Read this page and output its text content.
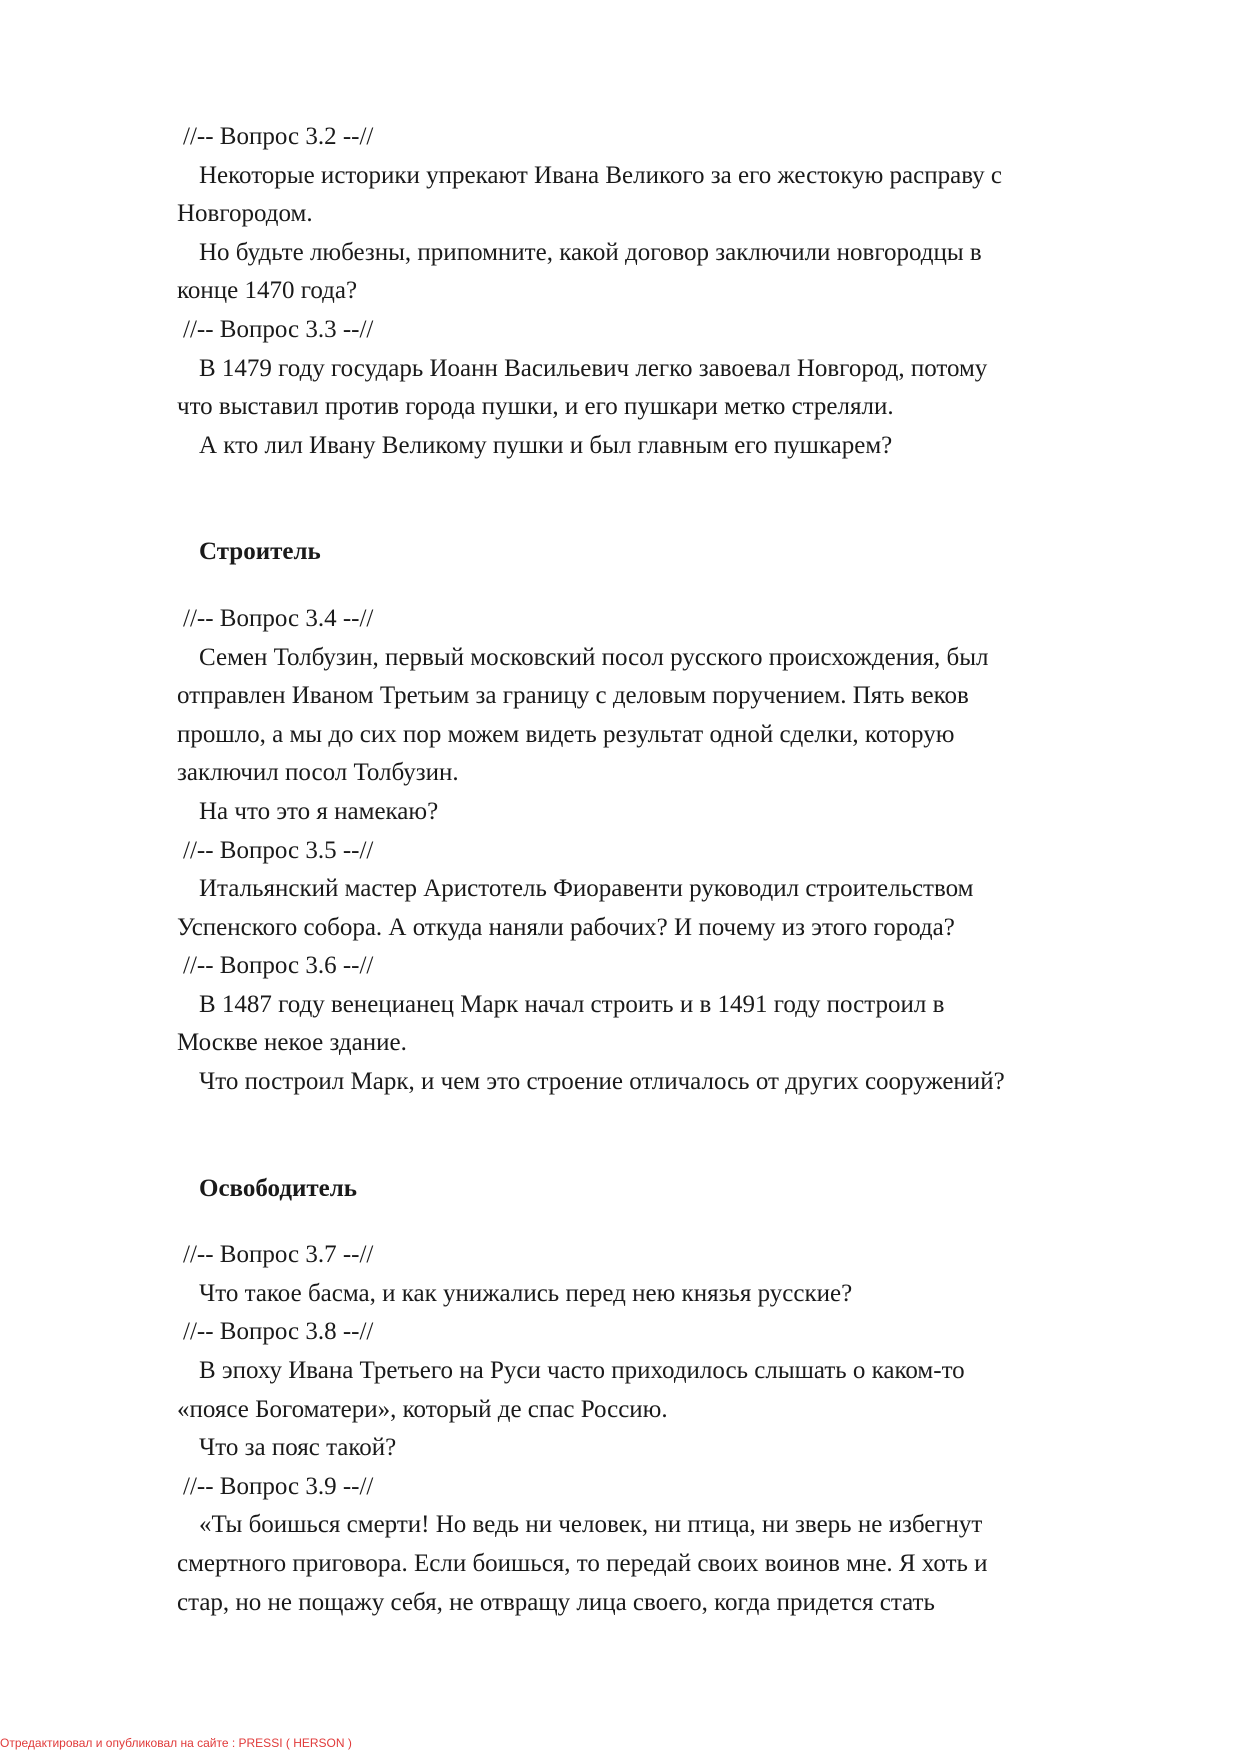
//-- Вопрос 3.2 --//
Некоторые историки упрекают Ивана Великого за его жестокую расправу с
Новгородом.
Но будьте любезны, припомните, какой договор заключили новгородцы в
конце 1470 года?
//-- Вопрос 3.3 --//
В 1479 году государь Иоанн Васильевич легко завоевал Новгород, потому
что выставил против города пушки, и его пушкари метко стреляли.
А кто лил Ивану Великому пушки и был главным его пушкарем?
Строитель
//-- Вопрос 3.4 --//
Семен Толбузин, первый московский посол русского происхождения, был
отправлен Иваном Третьим за границу с деловым поручением. Пять веков
прошло, а мы до сих пор можем видеть результат одной сделки, которую
заключил посол Толбузин.
На что это я намекаю?
//-- Вопрос 3.5 --//
Итальянский мастер Аристотель Фиоравенти руководил строительством
Успенского собора. А откуда наняли рабочих? И почему из этого города?
//-- Вопрос 3.6 --//
В 1487 году венецианец Марк начал строить и в 1491 году построил в
Москве некое здание.
Что построил Марк, и чем это строение отличалось от других сооружений?
Освободитель
//-- Вопрос 3.7 --//
Что такое басма, и как унижались перед нею князья русские?
//-- Вопрос 3.8 --//
В эпоху Ивана Третьего на Руси часто приходилось слышать о каком-то
«поясе Богоматери», который де спас Россию.
Что за пояс такой?
//-- Вопрос 3.9 --//
«Ты боишься смерти! Но ведь ни человек, ни птица, ни зверь не избегнут
смертного приговора. Если боишься, то передай своих воинов мне. Я хоть и
стар, но не пощажу себя, не отвращу лица своего, когда придется стать
Отредактировал и опубликовал на сайте : PRESSI ( HERSON )
